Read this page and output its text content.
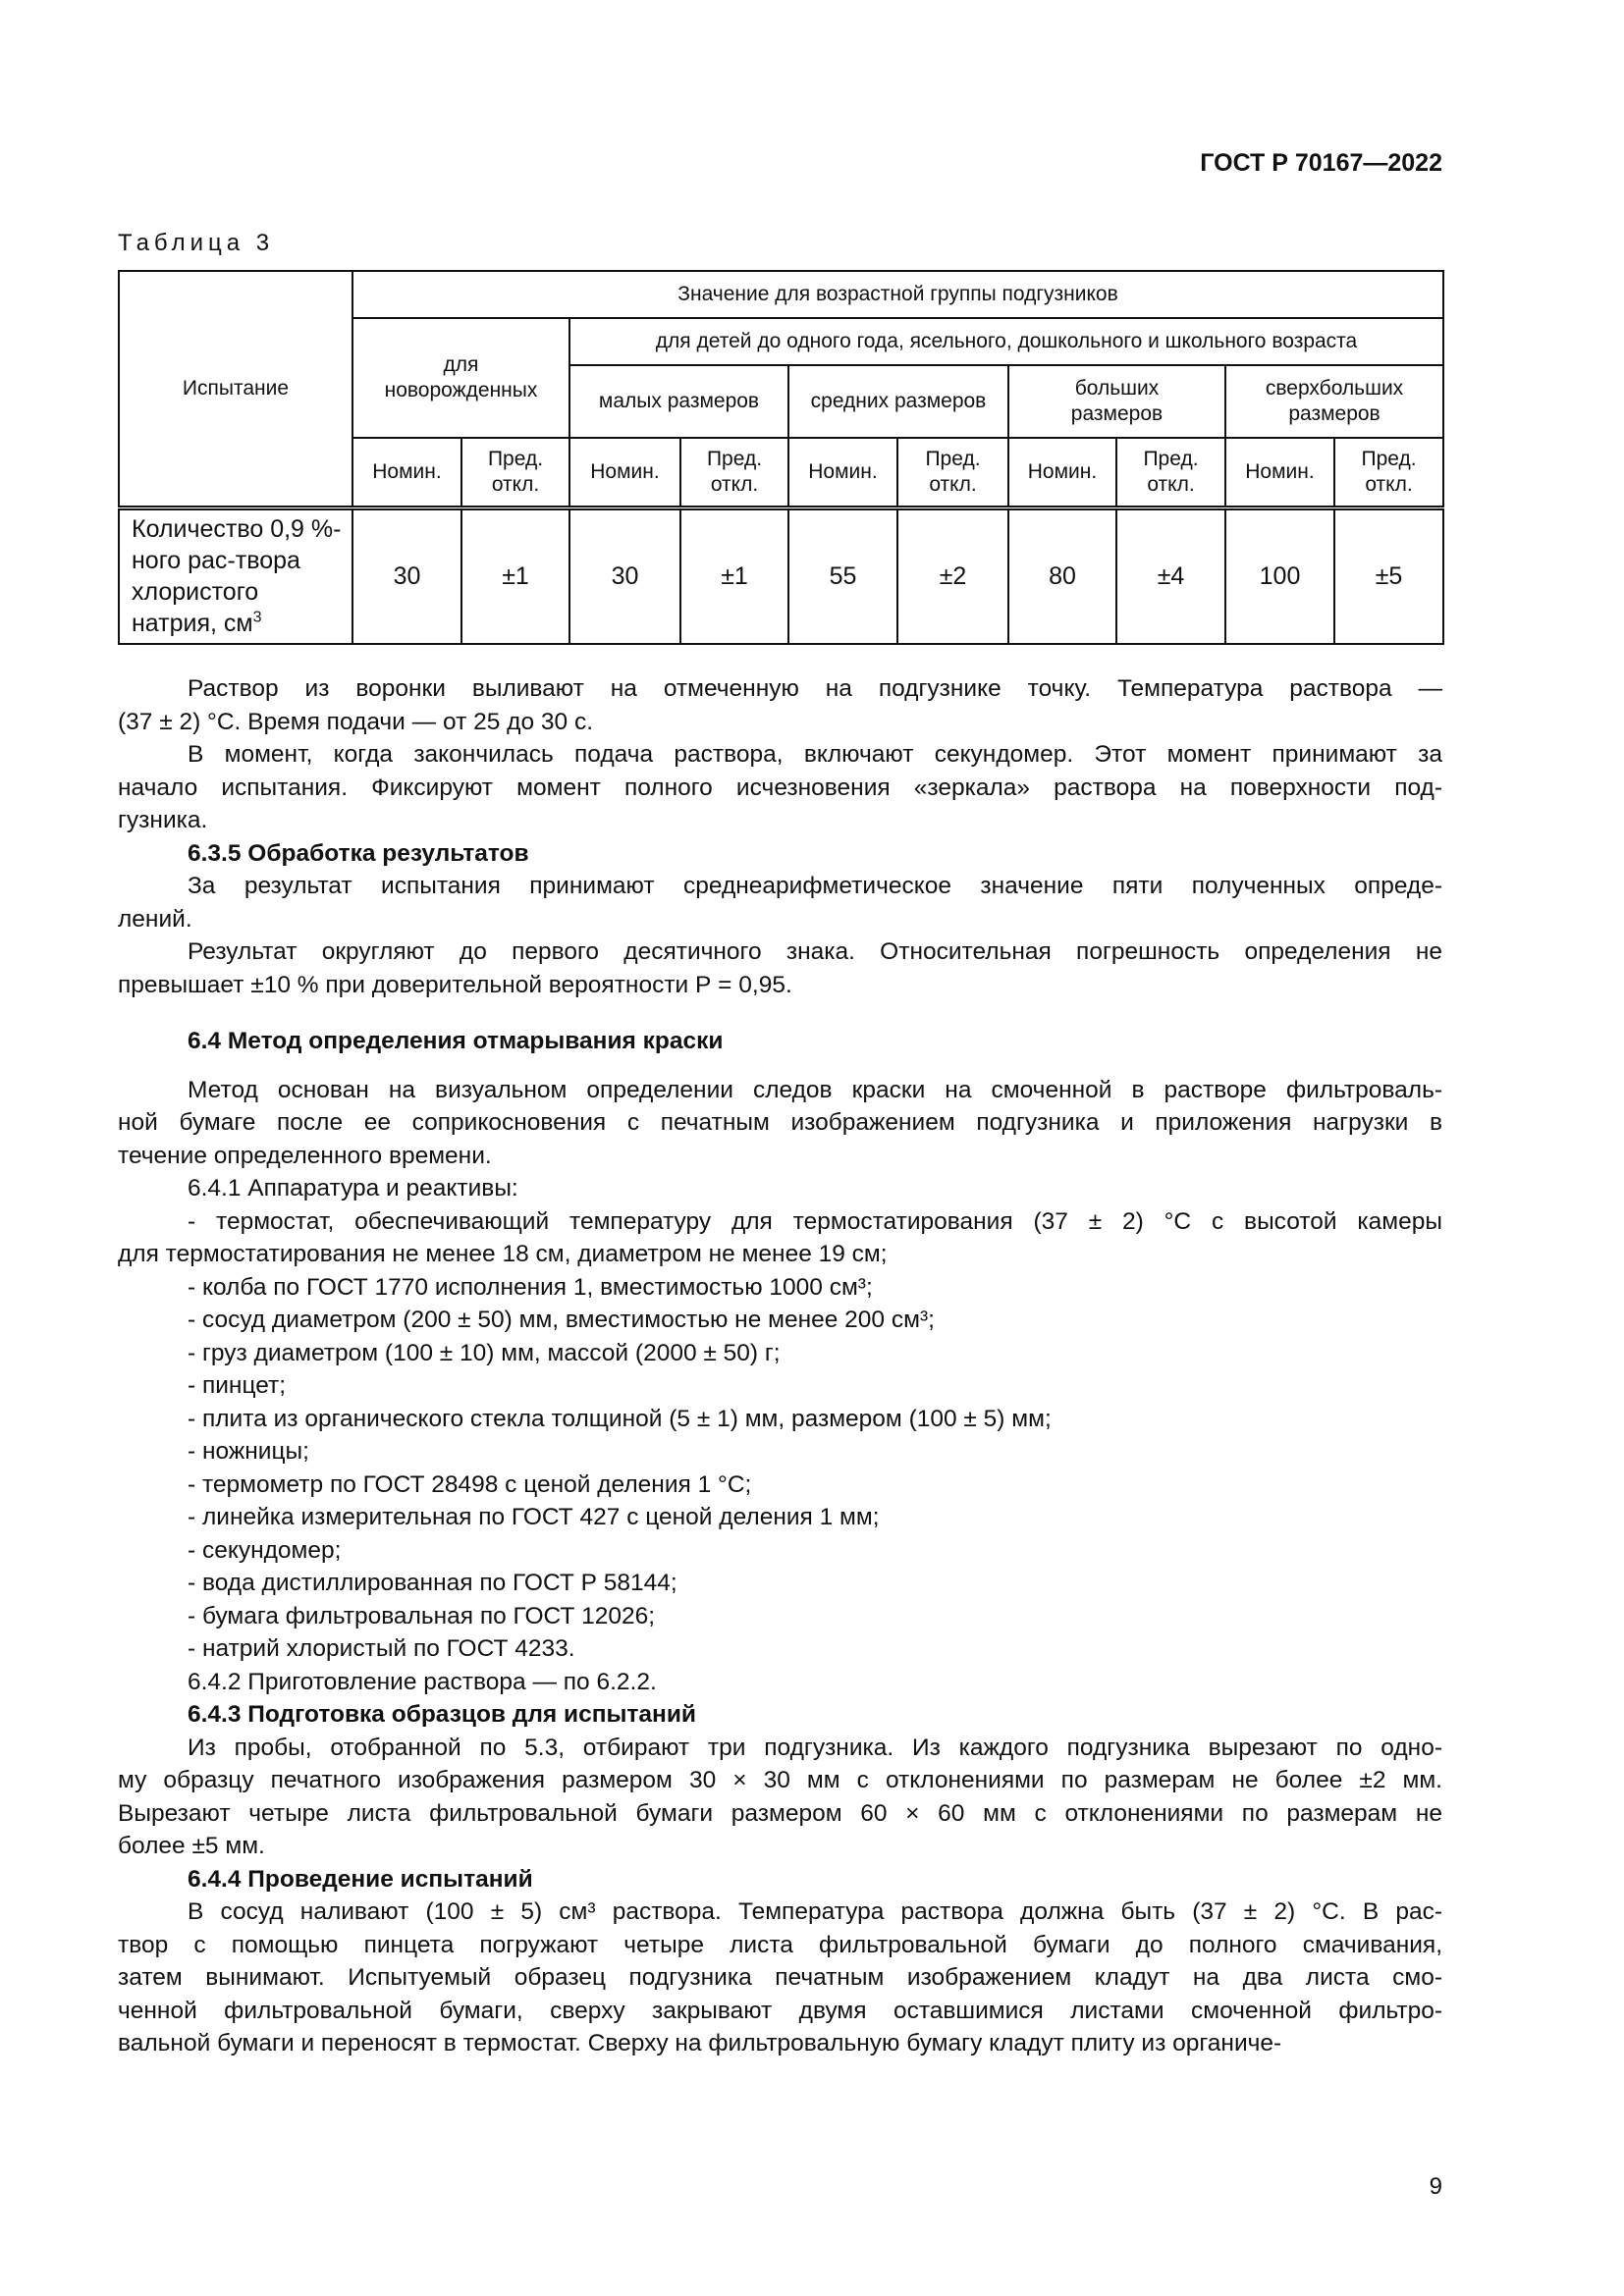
ГОСТ Р 70167—2022
Таблица 3
Испытание	Значение для возрастной группы подгузников									
	для новорожденных		для детей до одного года, ясельного, дошкольного и школьного возраста							
			малых размеров		средних размеров		больших размеров		сверхбольших размеров	
	Номин.	Пред. откл.	Номин.	Пред. откл.	Номин.	Пред. откл.	Номин.	Пред. откл.	Номин.	Пред. откл.
Количество 0,9 %-ного рас-твора хлористого натрия, $см^3$	30	±1	30	±1	55	±2	80	±4	100	±5
Раствор из воронки выливают на отмеченную на подгузнике точку. Температура раствора —
(37 ± 2) °С. Время подачи — от 25 до 30 с.
В момент, когда закончилась подача раствора, включают секундомер. Этот момент принимают за
начало испытания. Фиксируют момент полного исчезновения «зеркала» раствора на поверхности под-
гузника.
6.3.5 Обработка результатов
За результат испытания принимают среднеарифметическое значение пяти полученных опреде-
лений.
Результат округляют до первого десятичного знака. Относительная погрешность определения не
превышает ±10 % при доверительной вероятности Р = 0,95.
6.4 Метод определения отмарывания краски
Метод основан на визуальном определении следов краски на смоченной в растворе фильтроваль-
ной бумаге после ее соприкосновения с печатным изображением подгузника и приложения нагрузки в
течение определенного времени.
6.4.1 Аппаратура и реактивы:
- термостат, обеспечивающий температуру для термостатирования (37 ± 2) °С с высотой камеры
для термостатирования не менее 18 см, диаметром не менее 19 см;
- колба по ГОСТ 1770 исполнения 1, вместимостью 1000 см³;
- сосуд диаметром (200 ± 50) мм, вместимостью не менее 200 см³;
- груз диаметром (100 ± 10) мм, массой (2000 ± 50) г;
- пинцет;
- плита из органического стекла толщиной (5 ± 1) мм, размером (100 ± 5) мм;
- ножницы;
- термометр по ГОСТ 28498 с ценой деления 1 °С;
- линейка измерительная по ГОСТ 427 с ценой деления 1 мм;
- секундомер;
- вода дистиллированная по ГОСТ Р 58144;
- бумага фильтровальная по ГОСТ 12026;
- натрий хлористый по ГОСТ 4233.
6.4.2 Приготовление раствора — по 6.2.2.
6.4.3 Подготовка образцов для испытаний
Из пробы, отобранной по 5.3, отбирают три подгузника. Из каждого подгузника вырезают по одно-
му образцу печатного изображения размером 30 × 30 мм с отклонениями по размерам не более ±2 мм.
Вырезают четыре листа фильтровальной бумаги размером 60 × 60 мм с отклонениями по размерам не
более ±5 мм.
6.4.4 Проведение испытаний
В сосуд наливают (100 ± 5) см³ раствора. Температура раствора должна быть (37 ± 2) °С. В рас-
твор с помощью пинцета погружают четыре листа фильтровальной бумаги до полного смачивания,
затем вынимают. Испытуемый образец подгузника печатным изображением кладут на два листа смо-
ченной фильтровальной бумаги, сверху закрывают двумя оставшимися листами смоченной фильтро-
вальной бумаги и переносят в термостат. Сверху на фильтровальную бумагу кладут плиту из органиче-
9
